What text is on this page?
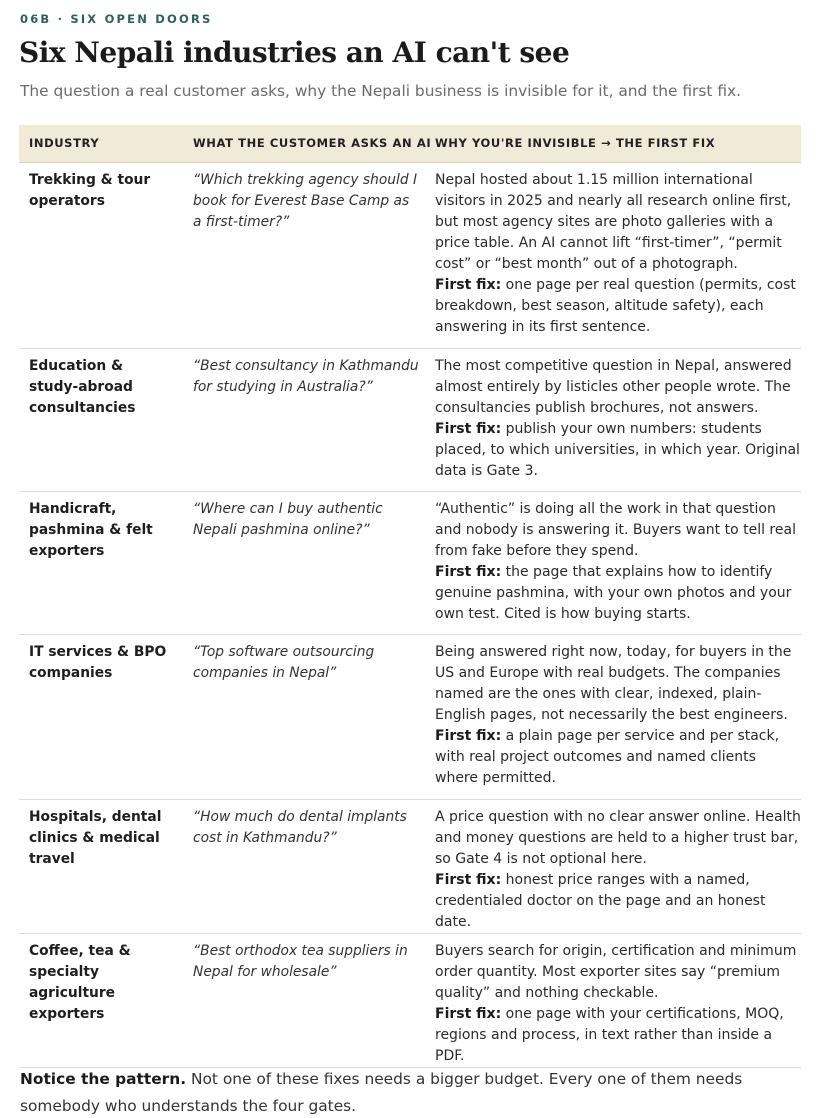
06B · SIX OPEN DOORS
Six Nepali industries an AI can't see

The question a real customer asks, why the Nepali business is invisible for it, and the first fix.

INDUSTRY	WHAT THE CUSTOMER ASKS AN AI	WHY YOU'RE INVISIBLE → THE FIRST FIX
Trekking & tour operators	“Which trekking agency should I book for Everest Base Camp as a first-timer?”	Nepal hosted about 1.15 million international visitors in 2025 and nearly all research online first, but most agency sites are photo galleries with a price table. An AI cannot lift “first-timer”, “permit cost” or “best month” out of a photograph.
First fix: one page per real question (permits, cost breakdown, best season, altitude safety), each answering in its first sentence.
Education & study-abroad consultancies	“Best consultancy in Kathmandu for studying in Australia?”	The most competitive question in Nepal, answered almost entirely by listicles other people wrote. The consultancies publish brochures, not answers.
First fix: publish your own numbers: students placed, to which universities, in which year. Original data is Gate 3.
Handicraft, pashmina & felt exporters	“Where can I buy authentic Nepali pashmina online?”	“Authentic” is doing all the work in that question and nobody is answering it. Buyers want to tell real from fake before they spend.
First fix: the page that explains how to identify genuine pashmina, with your own photos and your own test. Cited is how buying starts.
IT services & BPO companies	“Top software outsourcing companies in Nepal”	Being answered right now, today, for buyers in the US and Europe with real budgets. The companies named are the ones with clear, indexed, plain-English pages, not necessarily the best engineers.
First fix: a plain page per service and per stack, with real project outcomes and named clients where permitted.
Hospitals, dental clinics & medical travel	“How much do dental implants cost in Kathmandu?”	A price question with no clear answer online. Health and money questions are held to a higher trust bar, so Gate 4 is not optional here.
First fix: honest price ranges with a named, credentialed doctor on the page and an honest date.
Coffee, tea & specialty agriculture exporters	“Best orthodox tea suppliers in Nepal for wholesale”	Buyers search for origin, certification and minimum order quantity. Most exporter sites say “premium quality” and nothing checkable.
First fix: one page with your certifications, MOQ, regions and process, in text rather than inside a PDF.

Notice the pattern. Not one of these fixes needs a bigger budget. Every one of them needs somebody who understands the four gates.
